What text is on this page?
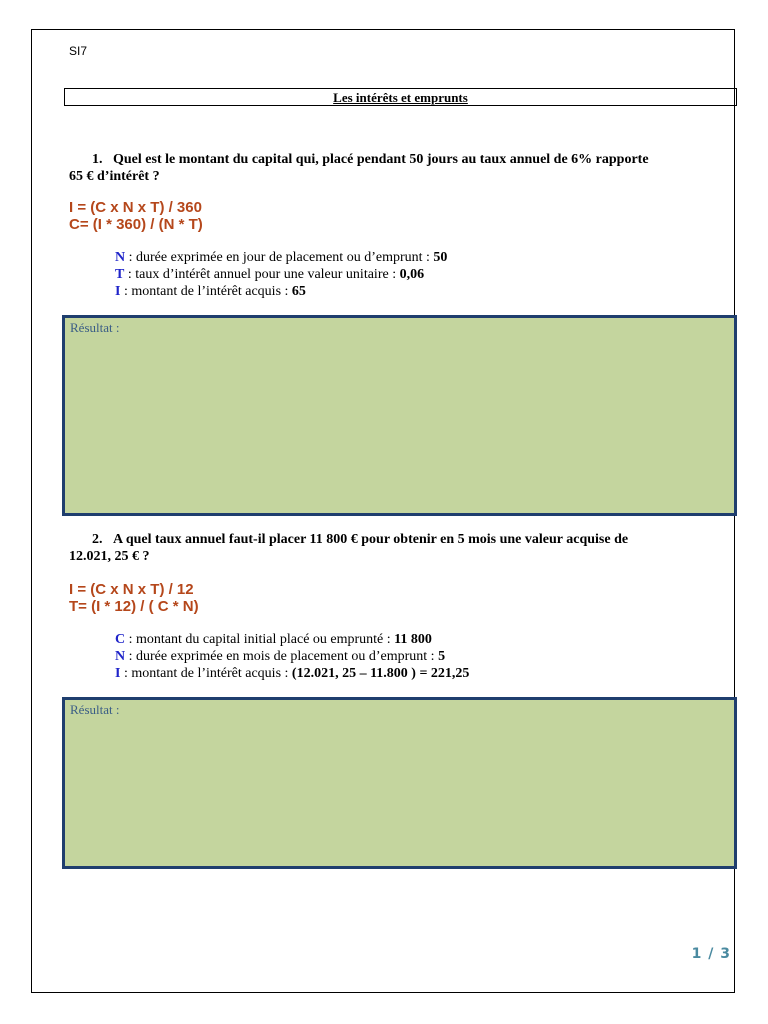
SI7
Les intérêts et emprunts
1. Quel est le montant du capital qui, placé pendant 50 jours au taux annuel de 6% rapporte
65 € d’intérêt ?
I = (C x N x T) / 360
C= (I * 360) / (N * T)
N : durée exprimée en jour de placement ou d’emprunt : 50
T : taux d’intérêt annuel pour une valeur unitaire : 0,06
I : montant de l’intérêt acquis : 65
Résultat :
2. A quel taux annuel faut-il placer 11 800 € pour obtenir en 5 mois une valeur acquise de
12.021, 25 € ?
I = (C x N x T) / 12
T= (I * 12) / ( C * N)
C : montant du capital initial placé ou emprunté : 11 800
N : durée exprimée en mois de placement ou d’emprunt : 5
I : montant de l’intérêt acquis : (12.021, 25 – 11.800 ) = 221,25
Résultat :
1 / 3
